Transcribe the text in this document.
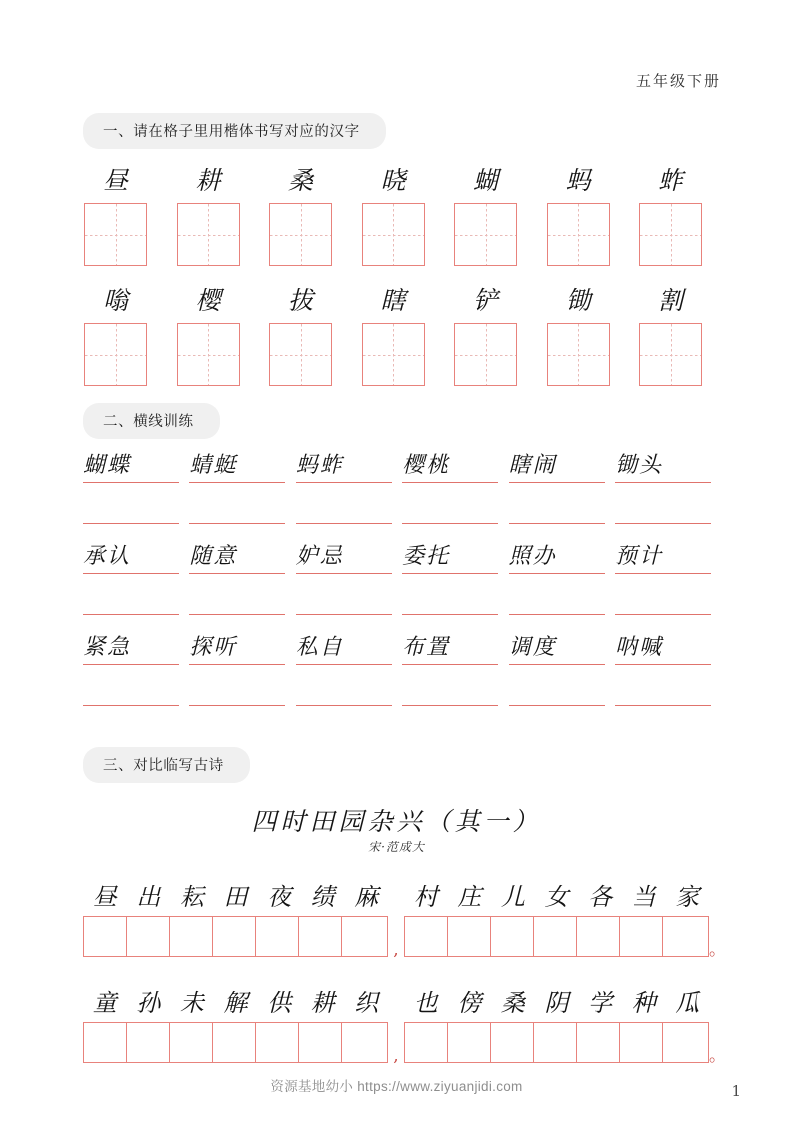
五年级下册
一、请在格子里用楷体书写对应的汉字
昼	耕	桑	晓	蝴	蚂	蚱
嗡	樱	拔	瞎	铲	锄	割
二、横线训练
蝴蝶	蜻蜓	蚂蚱	樱桃	瞎闹	锄头
承认	随意	妒忌	委托	照办	预计
紧急	探听	私自	布置	调度	呐喊
三、对比临写古诗
四时田园杂兴（其一）
宋·范成大
昼 出 耘 田 夜 绩 麻
,
村 庄 儿 女 各 当 家
。
童 孙 未 解 供 耕 织
,
也 傍 桑 阴 学 种 瓜
。
资源基地幼小 https://www.ziyuanjidi.com	1
